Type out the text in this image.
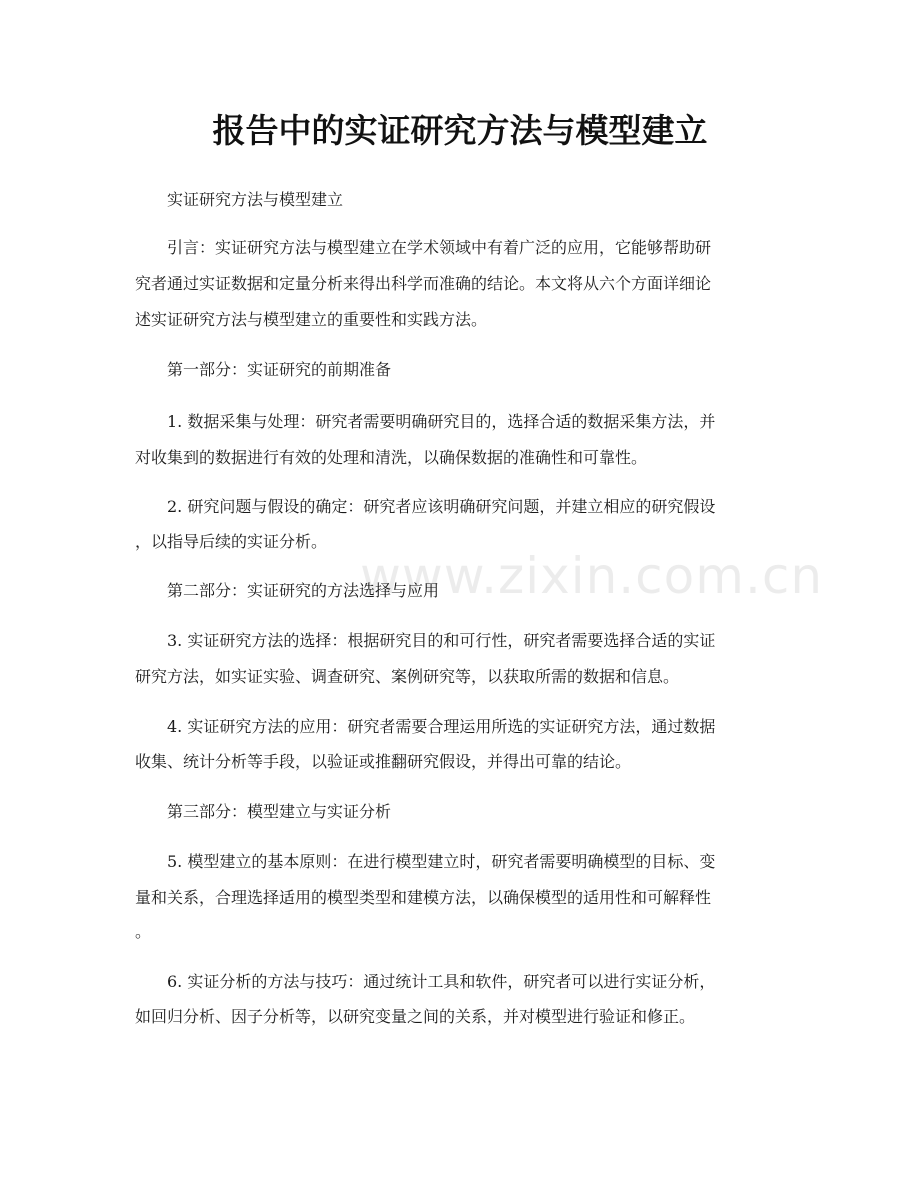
报告中的实证研究方法与模型建立
www.zixin.com.cn
实证研究方法与模型建立
引言：实证研究方法与模型建立在学术领域中有着广泛的应用，它能够帮助研
究者通过实证数据和定量分析来得出科学而准确的结论。本文将从六个方面详细论
述实证研究方法与模型建立的重要性和实践方法。
第一部分：实证研究的前期准备
1. 数据采集与处理：研究者需要明确研究目的，选择合适的数据采集方法，并
对收集到的数据进行有效的处理和清洗，以确保数据的准确性和可靠性。
2. 研究问题与假设的确定：研究者应该明确研究问题，并建立相应的研究假设
，以指导后续的实证分析。
第二部分：实证研究的方法选择与应用
3. 实证研究方法的选择：根据研究目的和可行性，研究者需要选择合适的实证
研究方法，如实证实验、调查研究、案例研究等，以获取所需的数据和信息。
4. 实证研究方法的应用：研究者需要合理运用所选的实证研究方法，通过数据
收集、统计分析等手段，以验证或推翻研究假设，并得出可靠的结论。
第三部分：模型建立与实证分析
5. 模型建立的基本原则：在进行模型建立时，研究者需要明确模型的目标、变
量和关系，合理选择适用的模型类型和建模方法，以确保模型的适用性和可解释性
。
6. 实证分析的方法与技巧：通过统计工具和软件，研究者可以进行实证分析，
如回归分析、因子分析等，以研究变量之间的关系，并对模型进行验证和修正。
